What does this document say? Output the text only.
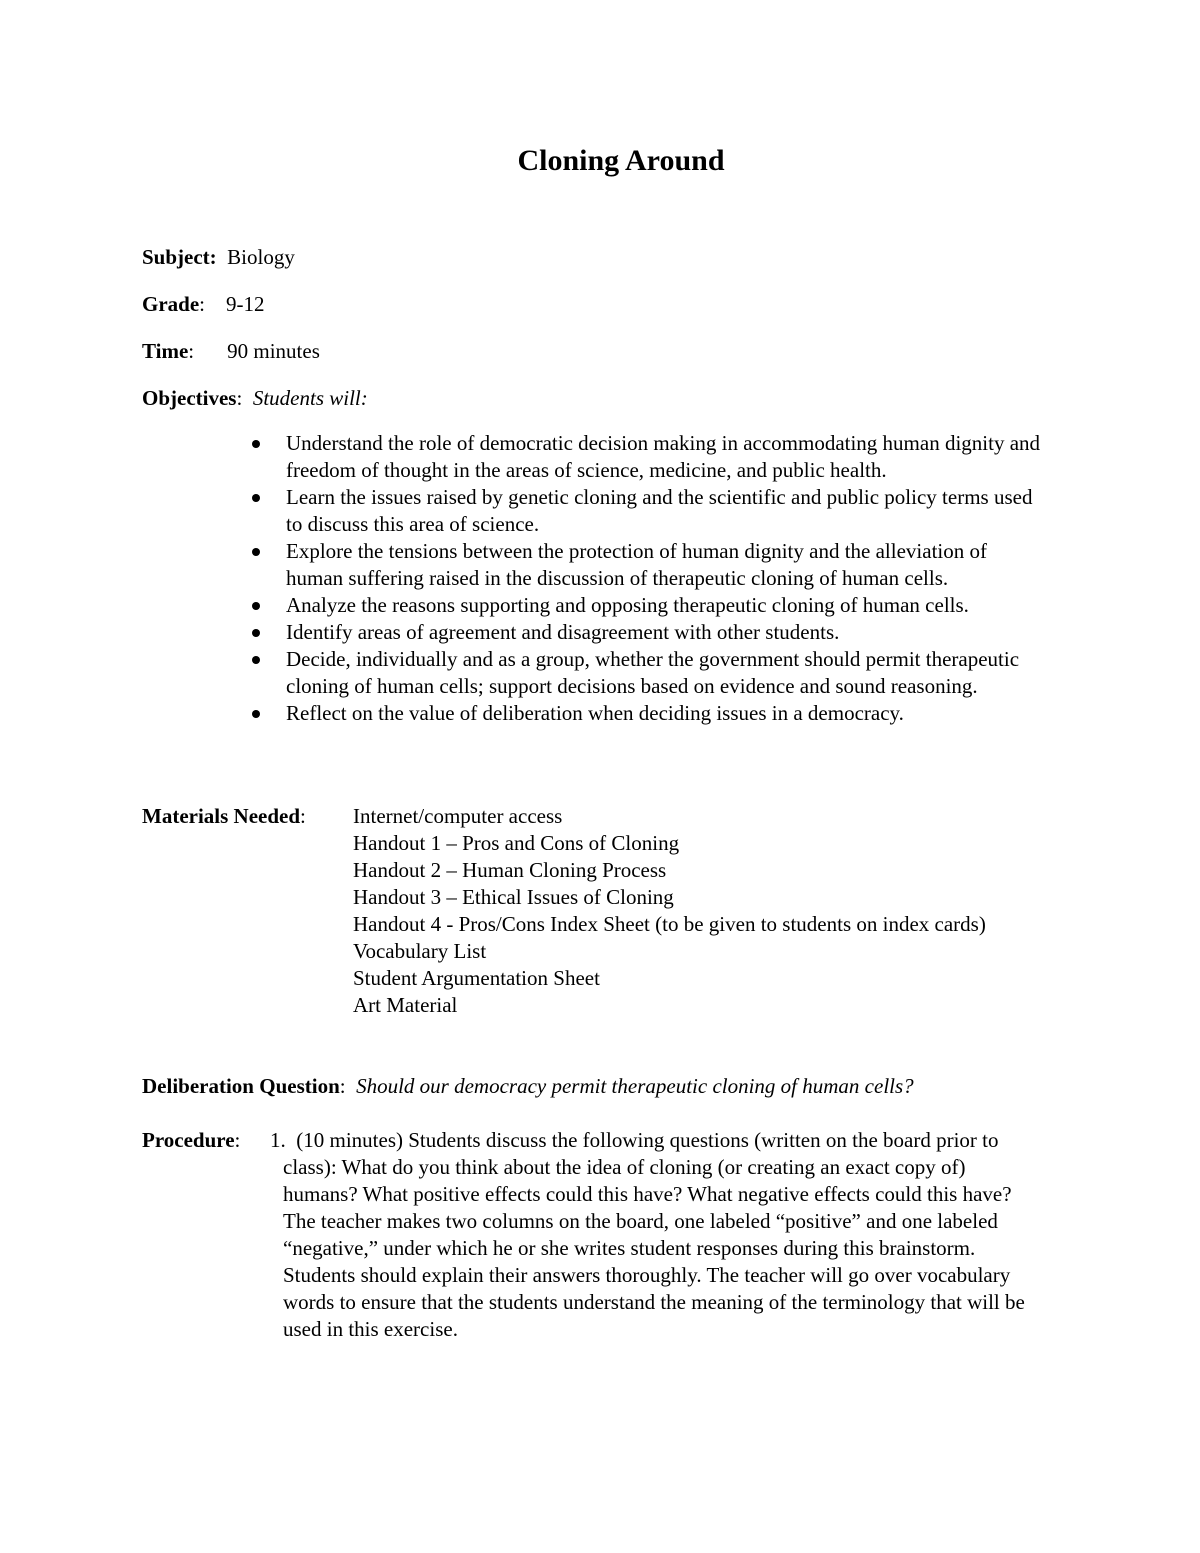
Cloning Around
Subject: Biology
Grade: 9-12
Time: 90 minutes
Objectives: Students will:
Understand the role of democratic decision making in accommodating human dignity and freedom of thought in the areas of science, medicine, and public health.
Learn the issues raised by genetic cloning and the scientific and public policy terms used to discuss this area of science.
Explore the tensions between the protection of human dignity and the alleviation of human suffering raised in the discussion of therapeutic cloning of human cells.
Analyze the reasons supporting and opposing therapeutic cloning of human cells.
Identify areas of agreement and disagreement with other students.
Decide, individually and as a group, whether the government should permit therapeutic cloning of human cells; support decisions based on evidence and sound reasoning.
Reflect on the value of deliberation when deciding issues in a democracy.
Materials Needed: Internet/computer access
Handout 1 – Pros and Cons of Cloning
Handout 2 – Human Cloning Process
Handout 3 – Ethical Issues of Cloning
Handout 4 - Pros/Cons Index Sheet (to be given to students on index cards)
Vocabulary List
Student Argumentation Sheet
Art Material
Deliberation Question: Should our democracy permit therapeutic cloning of human cells?
Procedure: 1. (10 minutes) Students discuss the following questions (written on the board prior to class): What do you think about the idea of cloning (or creating an exact copy of) humans? What positive effects could this have? What negative effects could this have? The teacher makes two columns on the board, one labeled “positive” and one labeled “negative,” under which he or she writes student responses during this brainstorm. Students should explain their answers thoroughly. The teacher will go over vocabulary words to ensure that the students understand the meaning of the terminology that will be used in this exercise.
